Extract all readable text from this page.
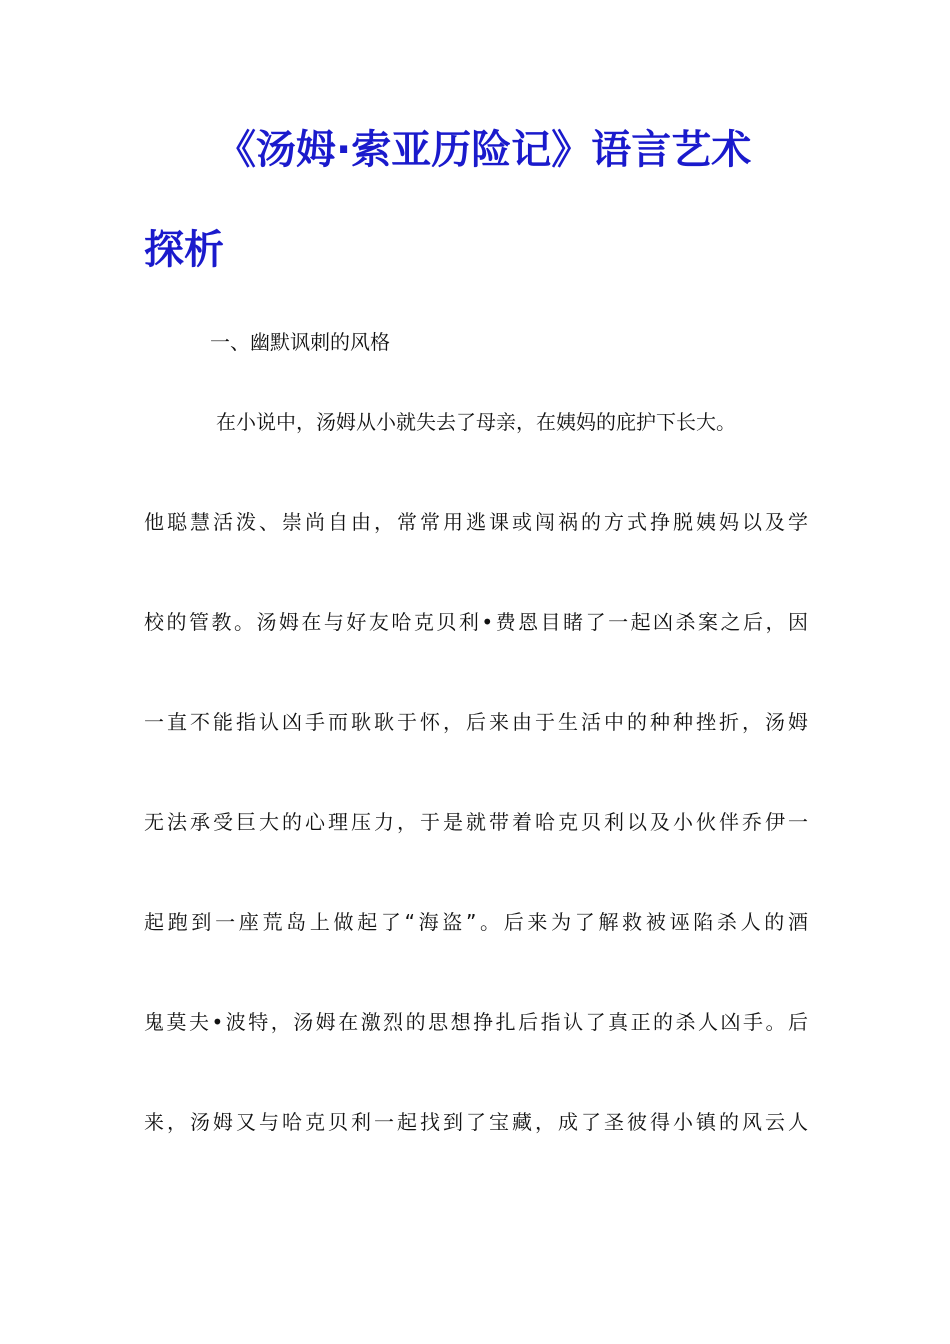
《汤姆·索亚历险记》语言艺术
探析

一、幽默讽刺的风格

在小说中，汤姆从小就失去了母亲，在姨妈的庇护下长大。

他聪慧活泼、崇尚自由，常常用逃课或闯祸的方式挣脱姨妈以及学

校的管教。汤姆在与好友哈克贝利•费恩目睹了一起凶杀案之后，因

一直不能指认凶手而耿耿于怀，后来由于生活中的种种挫折，汤姆

无法承受巨大的心理压力，于是就带着哈克贝利以及小伙伴乔伊一

起跑到一座荒岛上做起了“海盗”。后来为了解救被诬陷杀人的酒

鬼莫夫•波特，汤姆在激烈的思想挣扎后指认了真正的杀人凶手。后

来，汤姆又与哈克贝利一起找到了宝藏，成了圣彼得小镇的风云人
